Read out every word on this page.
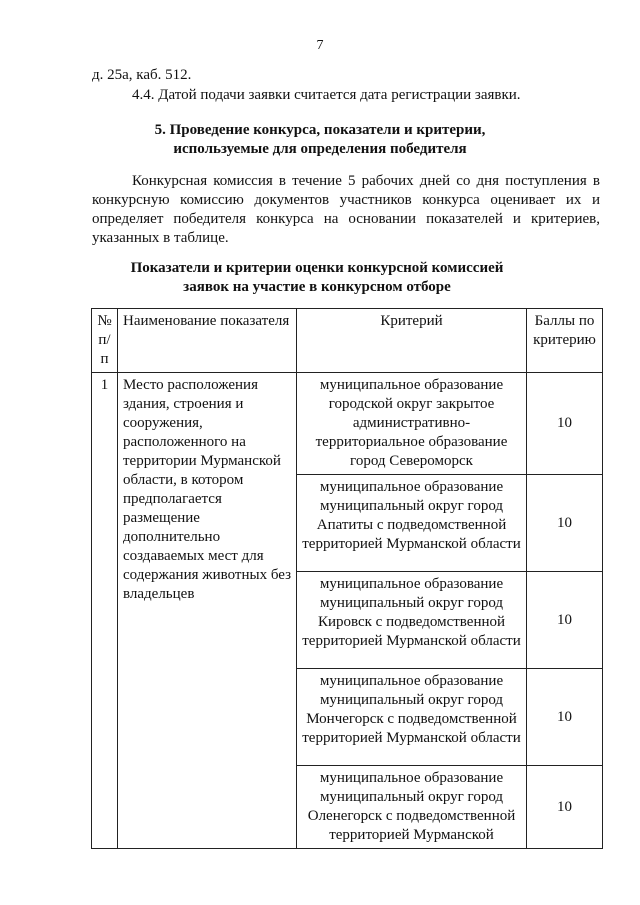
7
д. 25а, каб. 512.
4.4. Датой подачи заявки считается дата регистрации заявки.
5. Проведение конкурса, показатели и критерии,
используемые для определения победителя
Конкурсная комиссия в течение 5 рабочих дней со дня поступления в
конкурсную комиссию документов участников конкурса оценивает их и
определяет победителя конкурса на основании показателей и критериев,
указанных в таблице.
Показатели и критерии оценки конкурсной комиссией
заявок на участие в конкурсном отборе
№ п/п	Наименование показателя	Критерий	Баллы по критерию
1	Место расположения здания, строения и сооружения, расположенного на территории Мурманской области, в котором предполагается размещение дополнительно создаваемых мест для содержания животных без владельцев	муниципальное образование городской округ закрытое административно-территориальное образование город Североморск	10
		муниципальное образование муниципальный округ город Апатиты с подведомственной территорией Мурманской области	10
		муниципальное образование муниципальный округ город Кировск с подведомственной территорией Мурманской области	10
		муниципальное образование муниципальный округ город Мончегорск с подведомственной территорией Мурманской области	10
		муниципальное образование муниципальный округ город Оленегорск с подведомственной территорией Мурманской	10
